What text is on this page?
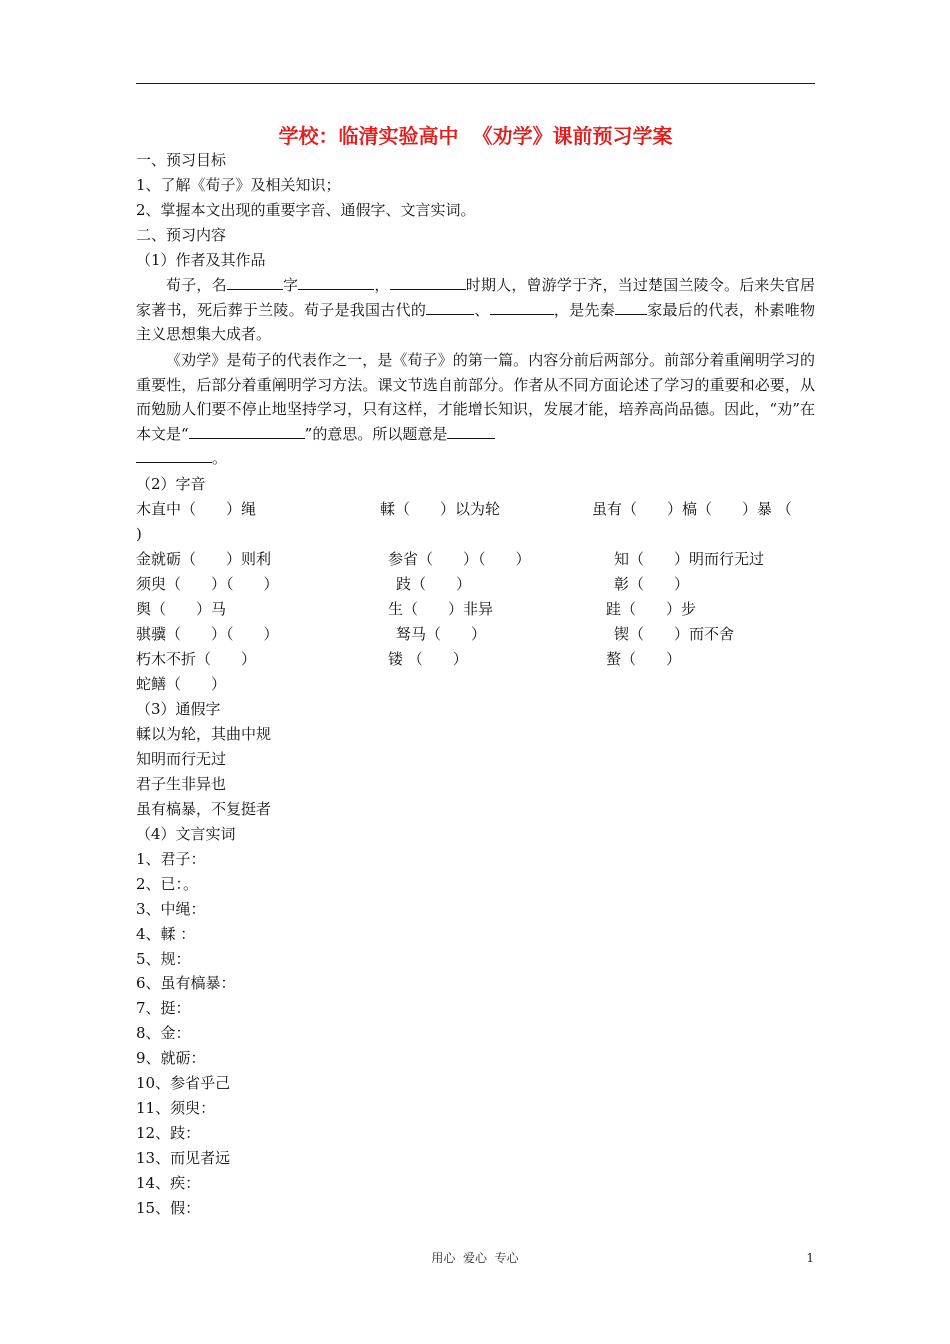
学校：临清实验高中  《劝学》课前预习学案
一、预习目标
1、了解《荀子》及相关知识；
2、掌握本文出现的重要字音、通假字、文言实词。
二、预习内容
（1）作者及其作品
荀子，名	字	，	时期人，曾游学于齐，当过楚国兰陵令。后来失官居家著书，死后葬于兰陵。荀子是我国古代的	、	，是先秦 家最后的代表，朴素唯物主义思想集大成者。
《劝学》是荀子的代表作之一，是《荀子》的第一篇。内容分前后两部分。前部分着重阐明学习的重要性，后部分着重阐明学习方法。课文节选自前部分。作者从不同方面论述了学习的重要和必要，从而勉励人们要不停止地坚持学习，只有这样，才能增长知识，发展才能，培养高尚品德。因此，“劝”在本文是“	”的意思。所以题意是
。
（2）字音
木直中（　　）绳	輮（　　）以为轮	虽有（　　）槁（　　）暴 （
)
金就砺（　　）则利	参省（　　）（　　）	知（　　）明而行无过
须臾（　　）（　　）	跂（　　）	彰（　　）
舆（　　）马	生（　　）非异	跬（　　）步
骐骥（　　）（　　）	驽马（　　）	锲（　　）而不舍
朽木不折（　　）	镂 （　　）	螯（　　）
蛇鳝（　　）
（3）通假字
輮以为轮，其曲中规
知明而行无过
君子生非异也
虽有槁暴，不复挺者
（4）文言实词
1、君子：
2、已：。
3、中绳：
4、輮 ：
5、规：
6、虽有槁暴：
7、挺：
8、金：
9、就砺：
10、参省乎己
11、须臾：
12、跂：
13、而见者远
14、疾：
15、假：
用心  爱心  专心	1
